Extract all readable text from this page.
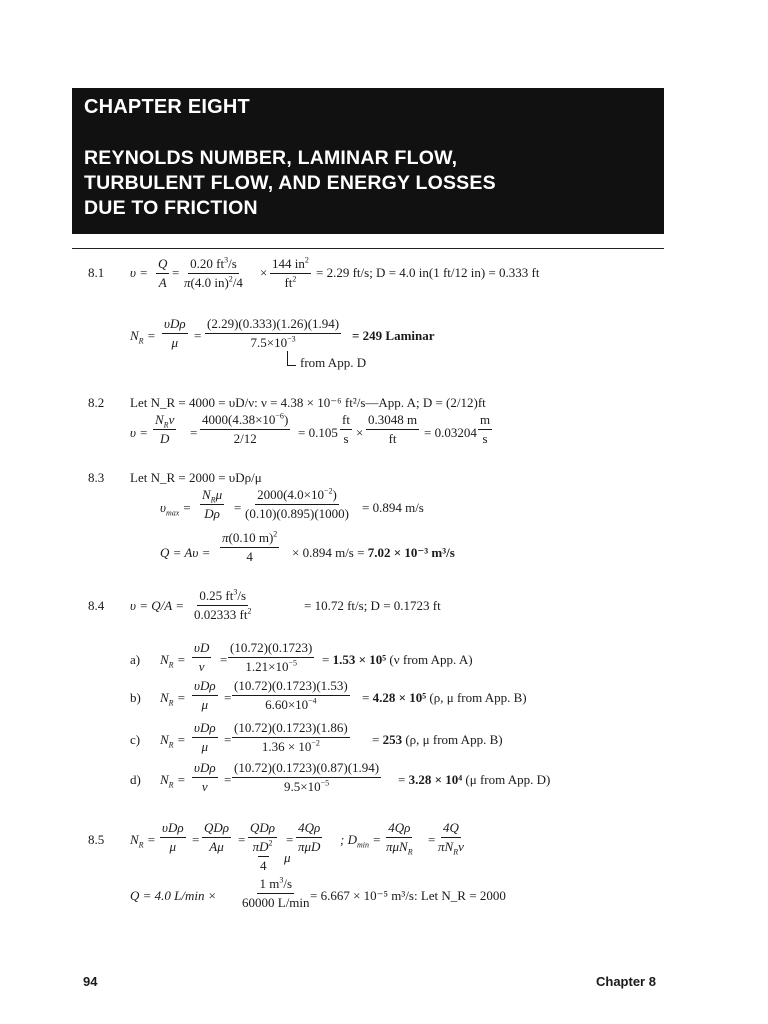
CHAPTER EIGHT
REYNOLDS NUMBER, LAMINAR FLOW,
TURBULENT FLOW, AND ENERGY LOSSES
DUE TO FRICTION
8.1 $\upsilon = \frac{Q}{A} = \frac{0.20 ft^3/s}{\pi(4.0 in)^2/4} \times \frac{144 in^2}{ft^2} = 2.29$ ft/s; D = 4.0 in(1 ft/12 in) = 0.333 ft
$N_R$ =
υDρ
$\mu = \frac{(2.29)(0.333)(1.26)(1.94)}{7.5\times 10^{-3}} = 249$ Laminar
from App. D
8.2 Let N_R = 4000 = υD/ν: ν = 4.38 × 10⁻⁶ ft²/s—App. A; D = (2/12)ft
υ =
$N_R\nu$
$D = \frac{4000(4.38\times 10^{-6})}{2/12} = 0.105 \frac{ft}{s} \times \frac{0.3048 m}{ft} = 0.03204 \frac{m}{s}$
8.3 Let N_R = 2000 = υDρ/μ
$\upsilon_{max}$ =
$N_R\mu$
$D\rho = \frac{2000(4.0\times 10^{-2})}{(0.10)(0.895)(1000)} = 0.894$ m/s
$Q = A\upsilon = \frac{\pi(0.10 m)^2}{4} \times 0.894$ m/s = 7.02 × 10⁻³ m³/s
8.4 $\upsilon = Q/A = \frac{0.25 ft^3/s}{0.02333 ft^2}$	= 10.72 ft/s; D = 0.1723 ft
a) $N_R = \frac{\upsilon D}{\nu} = \frac{(10.72)(0.1723)}{1.21\times 10^{-5}} = 1.53 \times 10^5$ (ν from App. A)
b) $N_R$ =
υDρ
$\mu = \frac{(10.72)(0.1723)(1.53)}{6.60\times 10^{-4}} = 4.28 \times 10^5$ (ρ, μ from App. B)
c) $N_R$ =
υDρ
$\mu = \frac{(10.72)(0.1723)(1.86)}{1.36 \times 10^{-2}} = 253$ (ρ, μ from App. B)
d) $N_R$ =
υDρ
$\nu = \frac{(10.72)(0.1723)(0.87)(1.94)}{9.5\times 10^{-5}} = 3.28 \times 10^4$ (μ from App. D)
8.5 $N_R$ =
υDρ
μ =
QDρ
Aμ =
QDρ
$\pi D^2$
4
μ
=
4Qρ
πμD ; $D_{min}$ =
4Qρ
πμN$_R$
=
4Q
$\pi N_R\nu$
Q = 4.0 L/min ×
1 $m^3/s$
60000 L/min = 6.667 × 10⁻⁵ m³/s: Let N_R = 2000
94	Chapter 8
